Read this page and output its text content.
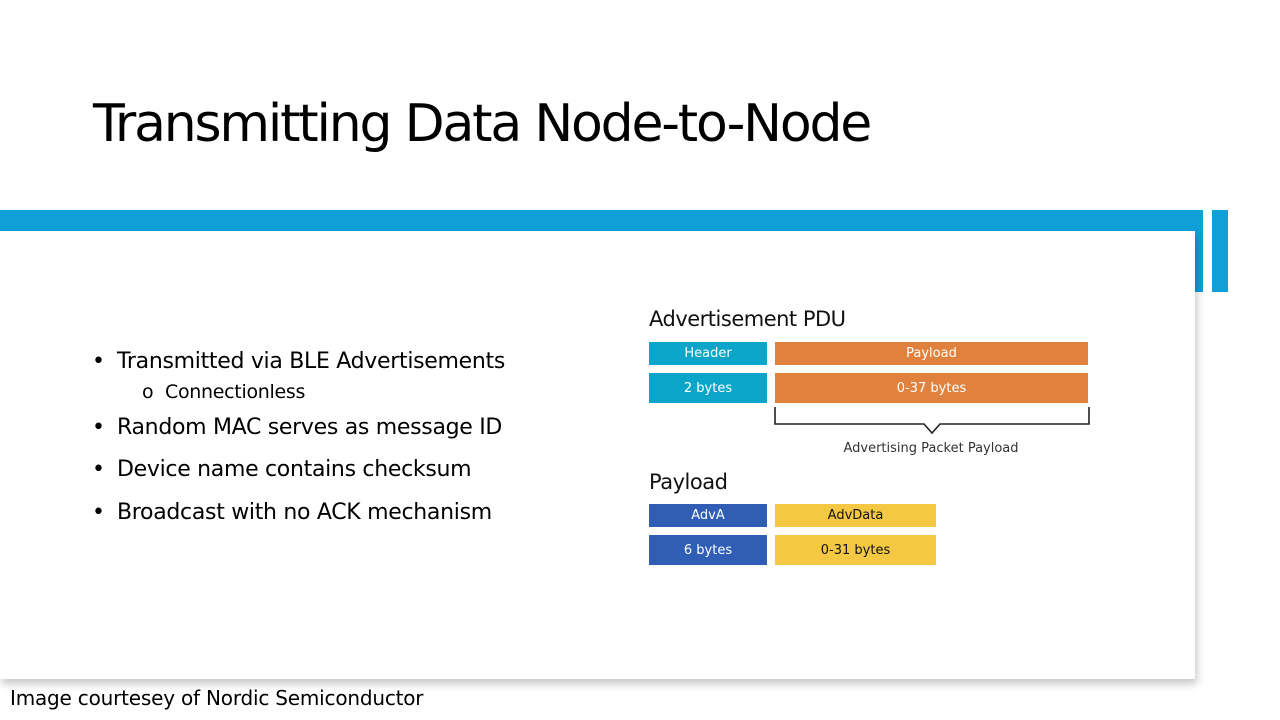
Transmitting Data Node-to-Node
• Transmitted via BLE Advertisements
o Connectionless
• Random MAC serves as message ID
• Device name contains checksum
• Broadcast with no ACK mechanism
Advertisement PDU
Header	Payload
2 bytes	0-37 bytes
Advertising Packet Payload
Payload
AdvA	AdvData
6 bytes	0-31 bytes
Image courtesey of Nordic Semiconductor
